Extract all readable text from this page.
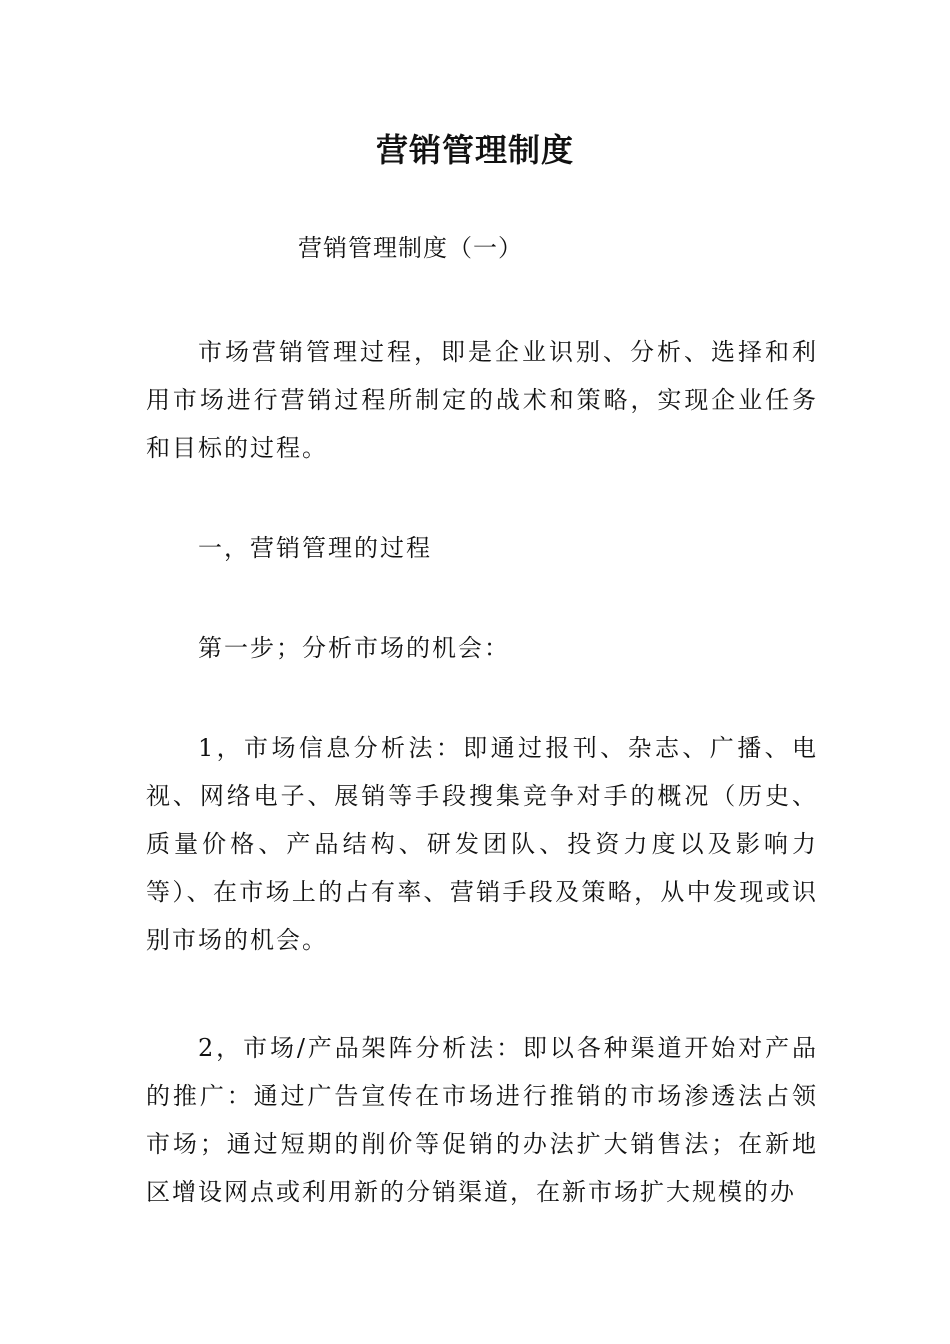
营销管理制度
营销管理制度（一）

市场营销管理过程，即是企业识别、分析、选择和利用市场进行营销过程所制定的战术和策略，实现企业任务和目标的过程。

一，营销管理的过程

第一步；分析市场的机会：

1，市场信息分析法：即通过报刊、杂志、广播、电视、网络电子、展销等手段搜集竞争对手的概况（历史、质量价格、产品结构、研发团队、投资力度以及影响力等）、在市场上的占有率、营销手段及策略，从中发现或识别市场的机会。

2，市场/产品架阵分析法：即以各种渠道开始对产品的推广：通过广告宣传在市场进行推销的市场渗透法占领市场；通过短期的削价等促销的办法扩大销售法；在新地区增设网点或利用新的分销渠道，在新市场扩大规模的办
